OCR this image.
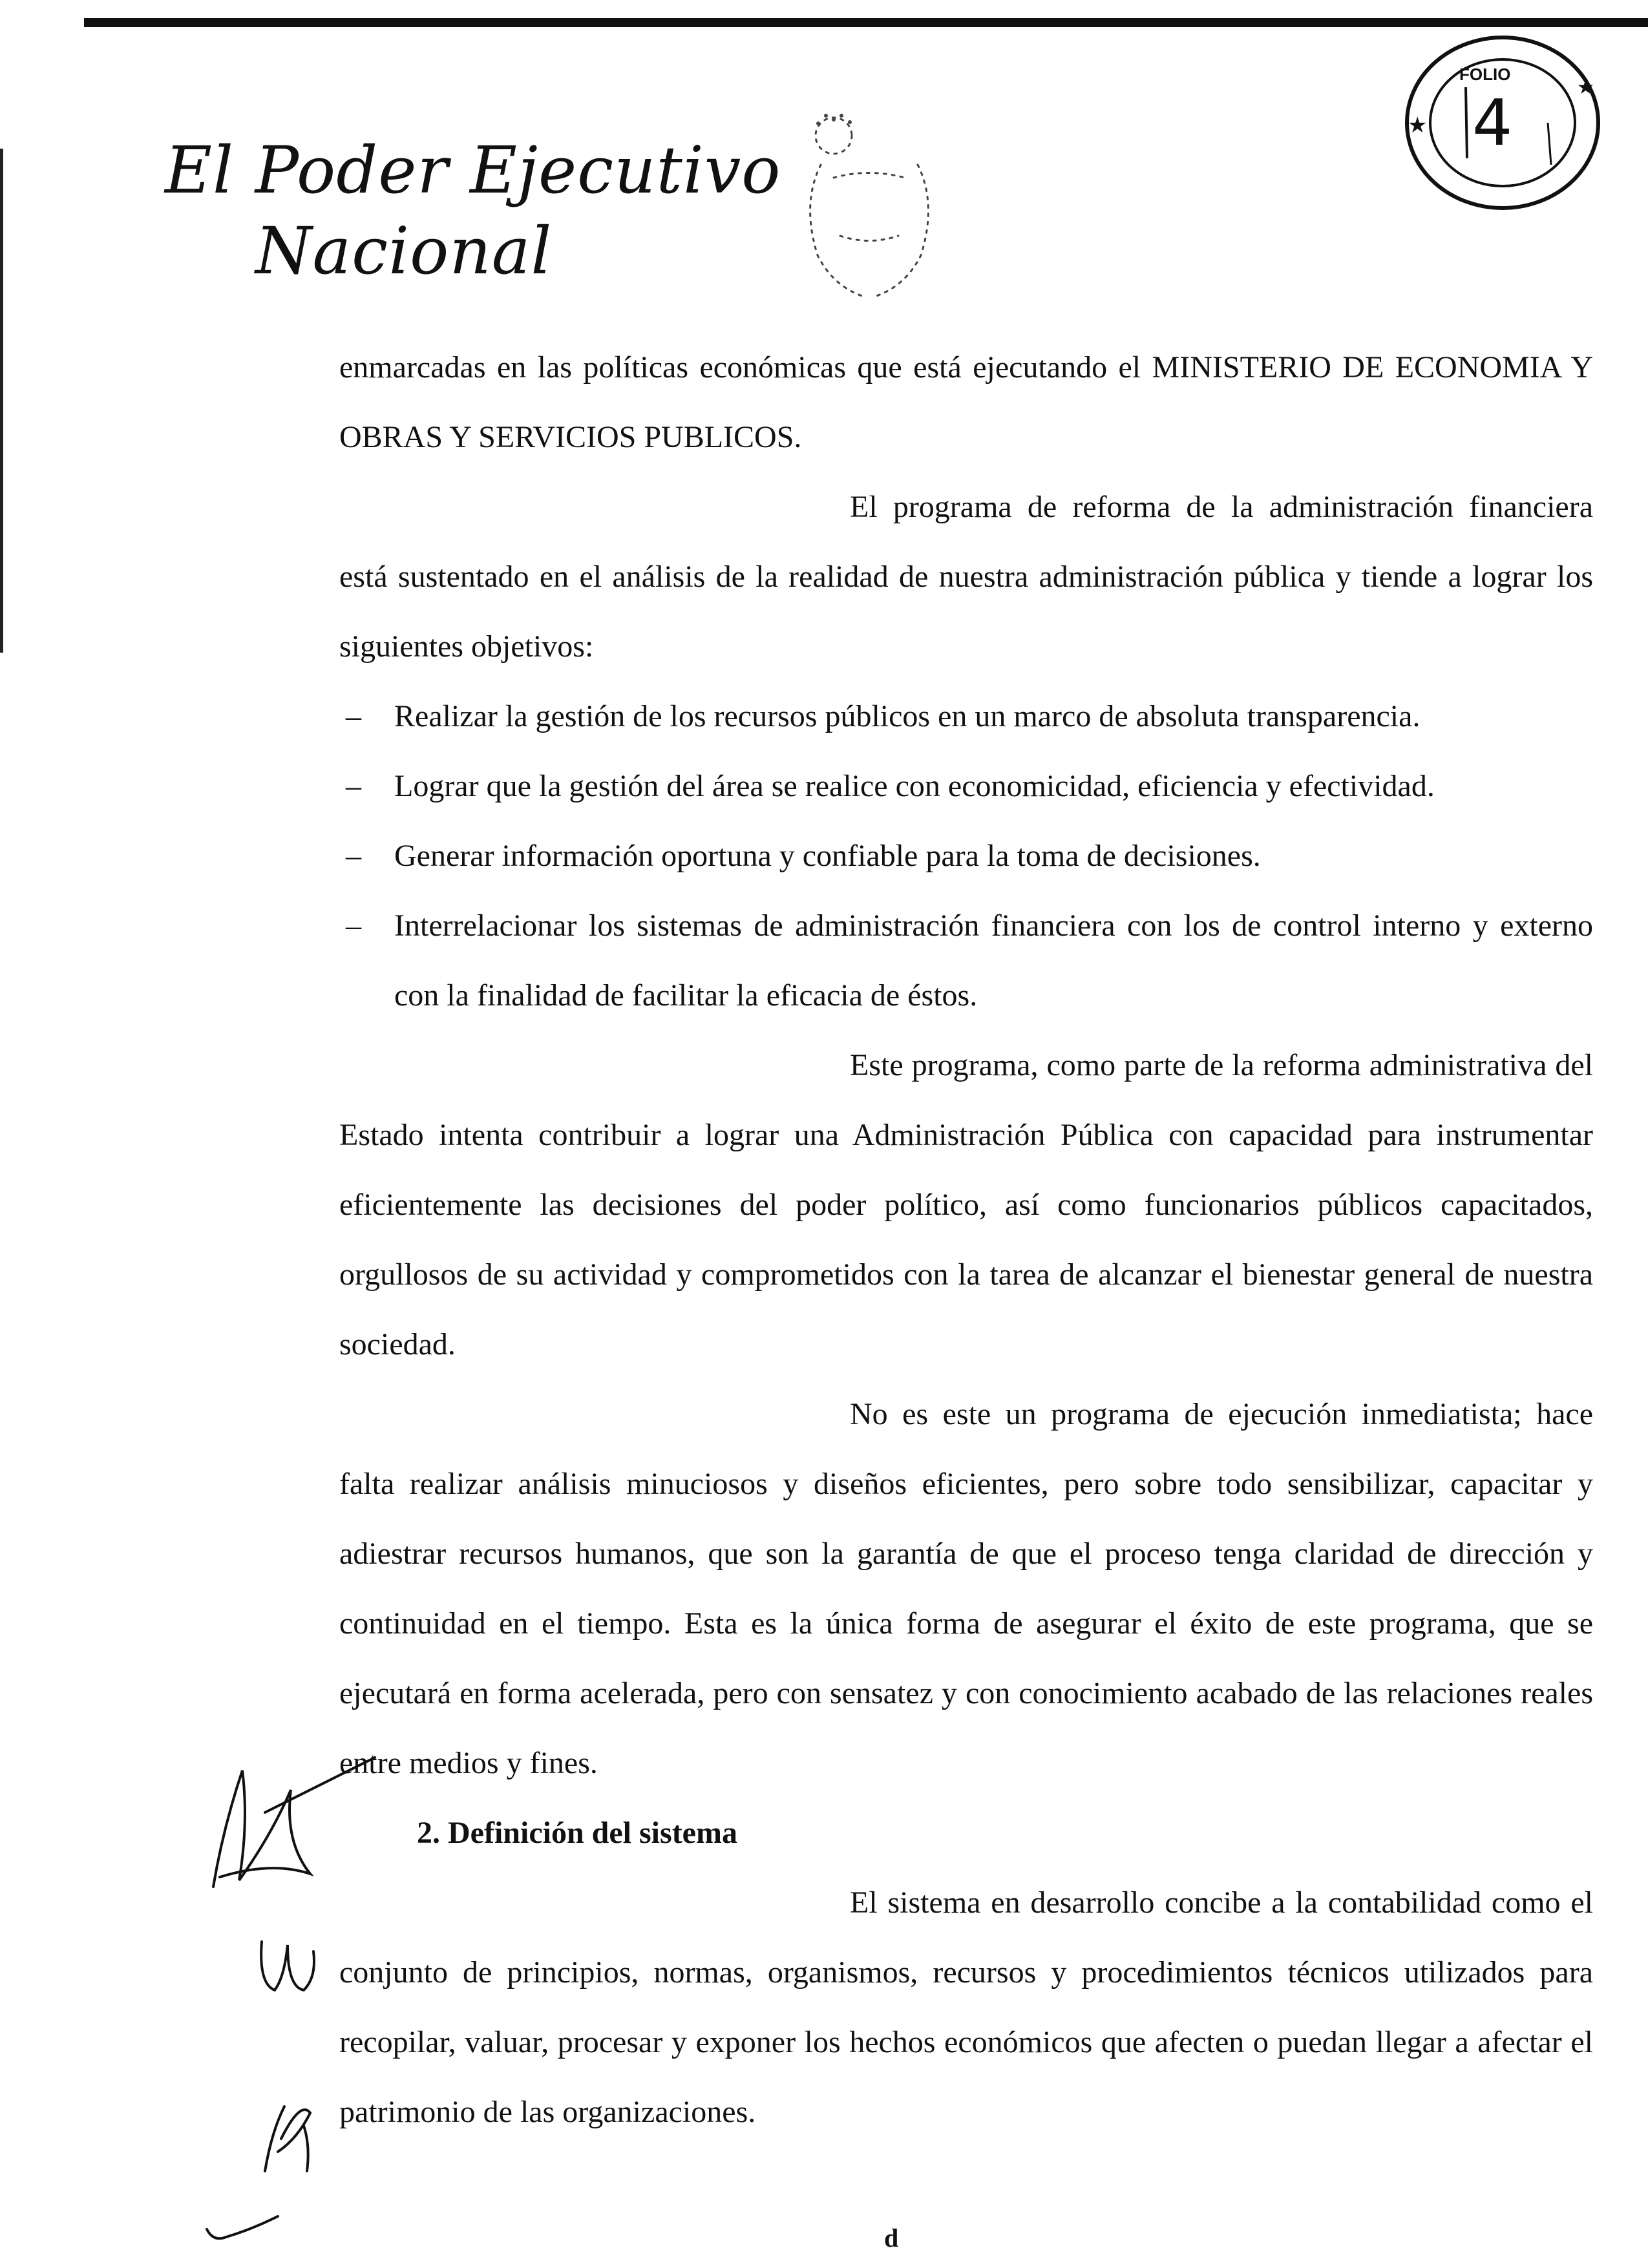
El Poder Ejecutivo
Nacional
★
★
FOLIO
4

enmarcadas en las políticas económicas que está ejecutando el MINISTERIO DE ECONOMIA Y OBRAS Y SERVICIOS PUBLICOS.

El programa de reforma de la administración financiera está sustentado en el análisis de la realidad de nuestra administración pública y tiende a lograr los siguientes objetivos:

– Realizar la gestión de los recursos públicos en un marco de absoluta transparencia.
– Lograr que la gestión del área se realice con economicidad, eficiencia y efectividad.
– Generar información oportuna y confiable para la toma de decisiones.
– Interrelacionar los sistemas de administración financiera con los de control interno y externo con la finalidad de facilitar la eficacia de éstos.

Este programa, como parte de la reforma administrativa del Estado intenta contribuir a lograr una Administración Pública con capacidad para instrumentar eficientemente las decisiones del poder político, así como funcionarios públicos capacitados, orgullosos de su actividad y comprometidos con la tarea de alcanzar el bienestar general de nuestra sociedad.

No es este un programa de ejecución inmediatista; hace falta realizar análisis minuciosos y diseños eficientes, pero sobre todo sensibilizar, capacitar y adiestrar recursos humanos, que son la garantía de que el proceso tenga claridad de dirección y continuidad en el tiempo. Esta es la única forma de asegurar el éxito de este programa, que se ejecutará en forma acelerada, pero con sensatez y con conocimiento acabado de las relaciones reales entre medios y fines.

2. Definición del sistema

El sistema en desarrollo concibe a la contabilidad como el conjunto de principios, normas, organismos, recursos y procedimientos técnicos utilizados para recopilar, valuar, procesar y exponer los hechos económicos que afecten o puedan llegar a afectar el patrimonio de las organizaciones.

d
